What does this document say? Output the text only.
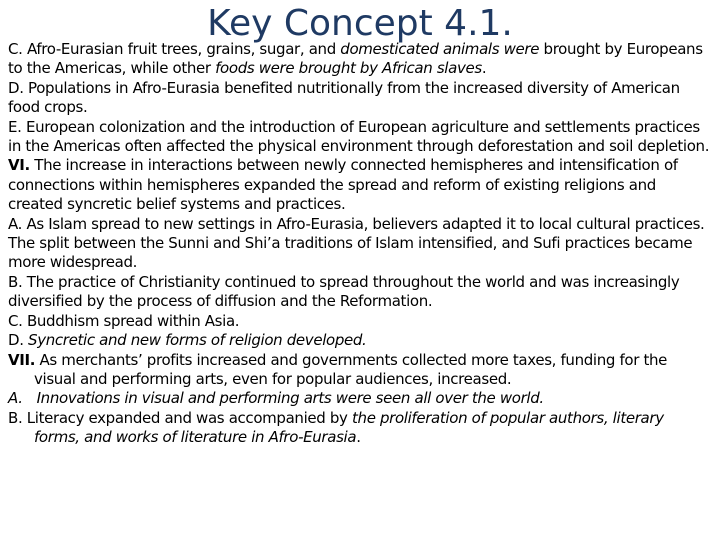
Key Concept 4.1.

C. Afro-Eurasian fruit trees, grains, sugar, and domesticated animals were brought by Europeans to the Americas, while other foods were brought by African slaves.

D. Populations in Afro-Eurasia benefited nutritionally from the increased diversity of American food crops.

E. European colonization and the introduction of European agriculture and settlements practices in the Americas often affected the physical environment through deforestation and soil depletion.

VI. The increase in interactions between newly connected hemispheres and intensification of connections within hemispheres expanded the spread and reform of existing religions and created syncretic belief systems and practices.

A. As Islam spread to new settings in Afro-Eurasia, believers adapted it to local cultural practices. The split between the Sunni and Shi’a traditions of Islam intensified, and Sufi practices became more widespread.

B. The practice of Christianity continued to spread throughout the world and was increasingly diversified by the process of diffusion and the Reformation.

C. Buddhism spread within Asia.

D. Syncretic and new forms of religion developed.

VII. As merchants’ profits increased and governments collected more taxes, funding for the visual and performing arts, even for popular audiences, increased.

A. Innovations in visual and performing arts were seen all over the world.

B. Literacy expanded and was accompanied by the proliferation of popular authors, literary forms, and works of literature in Afro-Eurasia.
